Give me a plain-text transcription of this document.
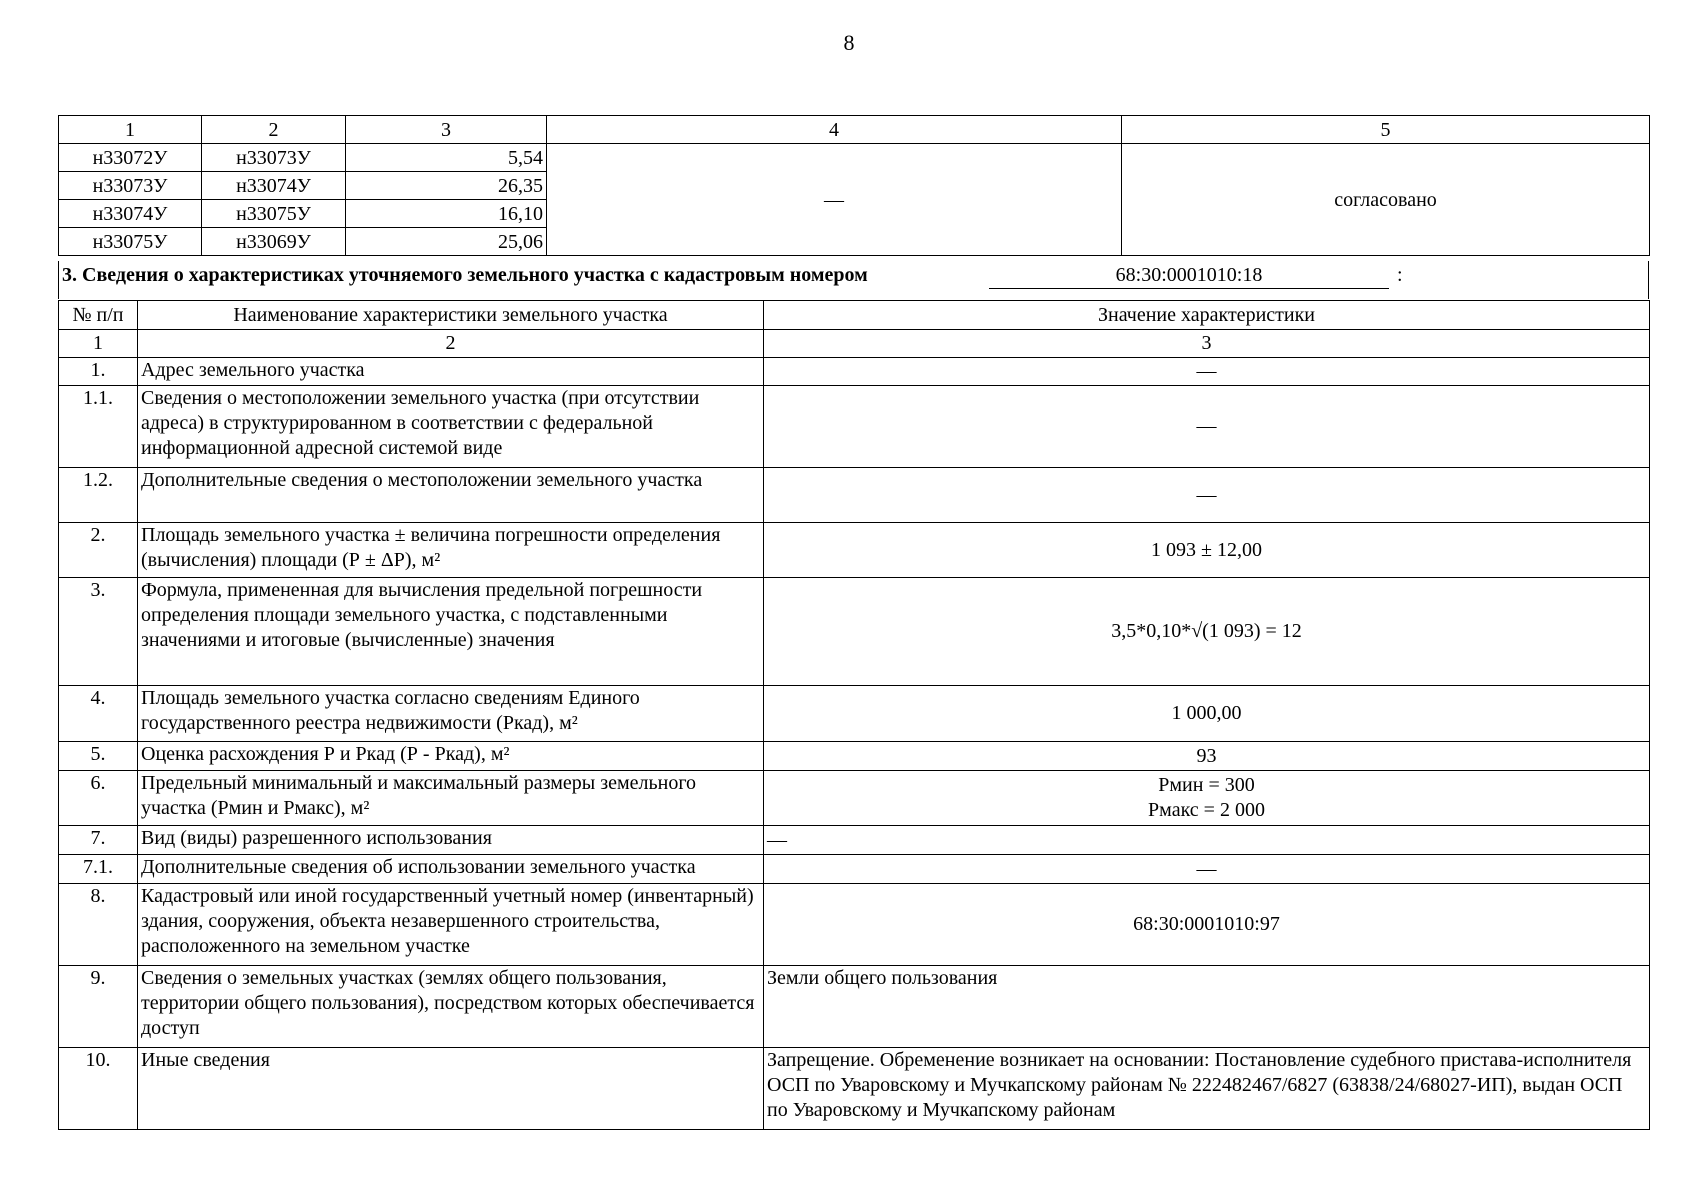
8
1	2	3	4	5
н33072У	н33073У	5,54	—	согласовано
н33073У	н33074У	26,35		
н33074У	н33075У	16,10		
н33075У	н33069У	25,06		
3. Сведения о характеристиках уточняемого земельного участка с кадастровым номером	68:30:0001010:18	:
№ п/п	Наименование характеристики земельного участка	Значение характеристики
1	2	3
1.	Адрес земельного участка	—
1.1.	Сведения о местоположении земельного участка (при отсутствии адреса) в структурированном в соответствии с федеральной информационной адресной системой виде	—
1.2.	Дополнительные сведения о местоположении земельного участка	—
2.	Площадь земельного участка ± величина погрешности определения (вычисления) площади (Р ± ΔР), м²	1 093 ± 12,00
3.	Формула, примененная для вычисления предельной погрешности определения площади земельного участка, с подставленными значениями и итоговые (вычисленные) значения	3,5*0,10*√(1 093) = 12
4.	Площадь земельного участка согласно сведениям Единого государственного реестра недвижимости (Ркад), м²	1 000,00
5.	Оценка расхождения Р и Ркад (Р - Ркад), м²	93
6.	Предельный минимальный и максимальный размеры земельного участка (Рмин и Рмакс), м²	Рмин = 300
Рмакс = 2 000

7.	Вид (виды) разрешенного использования	—
7.1.	Дополнительные сведения об использовании земельного участка	—
8.	Кадастровый или иной государственный учетный номер (инвентарный) здания, сооружения, объекта незавершенного строительства, расположенного на земельном участке	68:30:0001010:97
9.	Сведения о земельных участках (землях общего пользования, территории общего пользования), посредством которых обеспечивается доступ	Земли общего пользования
10.	Иные сведения	Запрещение. Обременение возникает на основании: Постановление судебного пристава-исполнителя ОСП по Уваровскому и Мучкапскому районам № 222482467/6827 (63838/24/68027-ИП), выдан ОСП по Уваровскому и Мучкапскому районам
